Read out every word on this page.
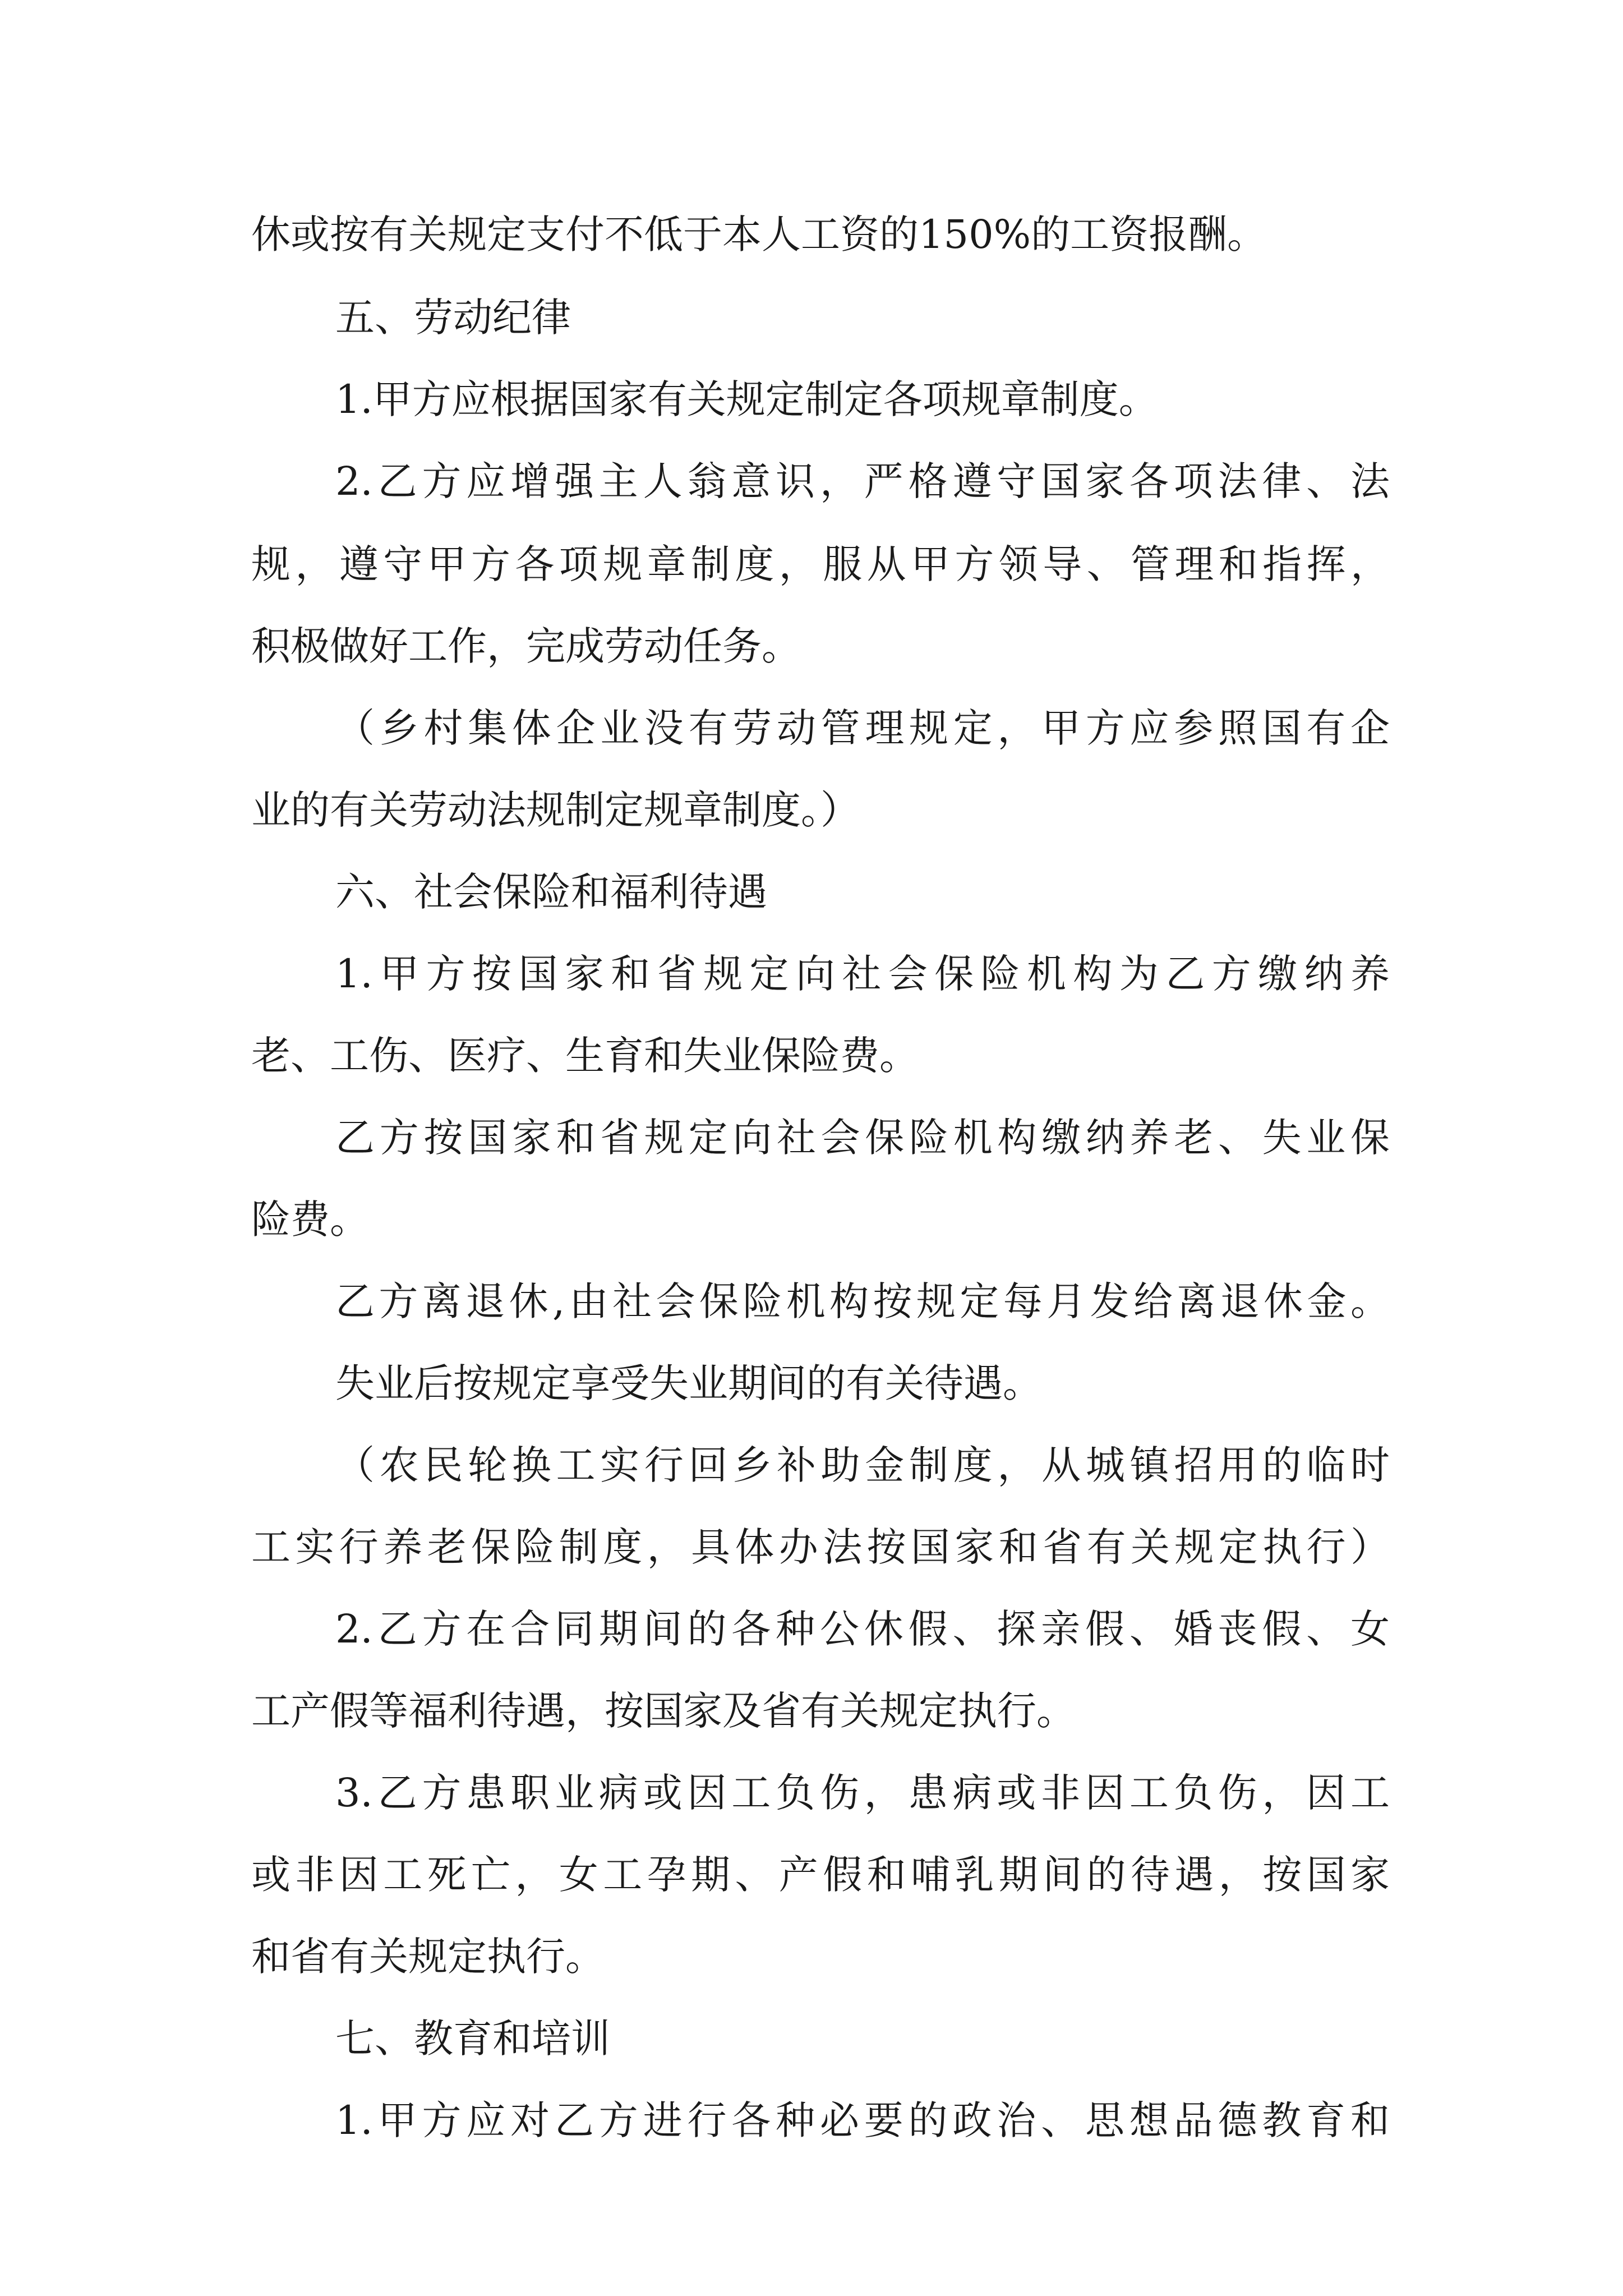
休或按有关规定支付不低于本人工资的150%的工资报酬。
五、劳动纪律
1.甲方应根据国家有关规定制定各项规章制度。
2.乙方应增强主人翁意识，严格遵守国家各项法律、法
规，遵守甲方各项规章制度，服从甲方领导、管理和指挥，
积极做好工作，完成劳动任务。
（乡村集体企业没有劳动管理规定，甲方应参照国有企
业的有关劳动法规制定规章制度。）
六、社会保险和福利待遇
1.甲方按国家和省规定向社会保险机构为乙方缴纳养
老、工伤、医疗、生育和失业保险费。
乙方按国家和省规定向社会保险机构缴纳养老、失业保
险费。
乙方离退休,由社会保险机构按规定每月发给离退休金。
失业后按规定享受失业期间的有关待遇。
（农民轮换工实行回乡补助金制度，从城镇招用的临时
工实行养老保险制度，具体办法按国家和省有关规定执行）
2.乙方在合同期间的各种公休假、探亲假、婚丧假、女
工产假等福利待遇，按国家及省有关规定执行。
3.乙方患职业病或因工负伤，患病或非因工负伤，因工
或非因工死亡，女工孕期、产假和哺乳期间的待遇，按国家
和省有关规定执行。
七、教育和培训
1.甲方应对乙方进行各种必要的政治、思想品德教育和
